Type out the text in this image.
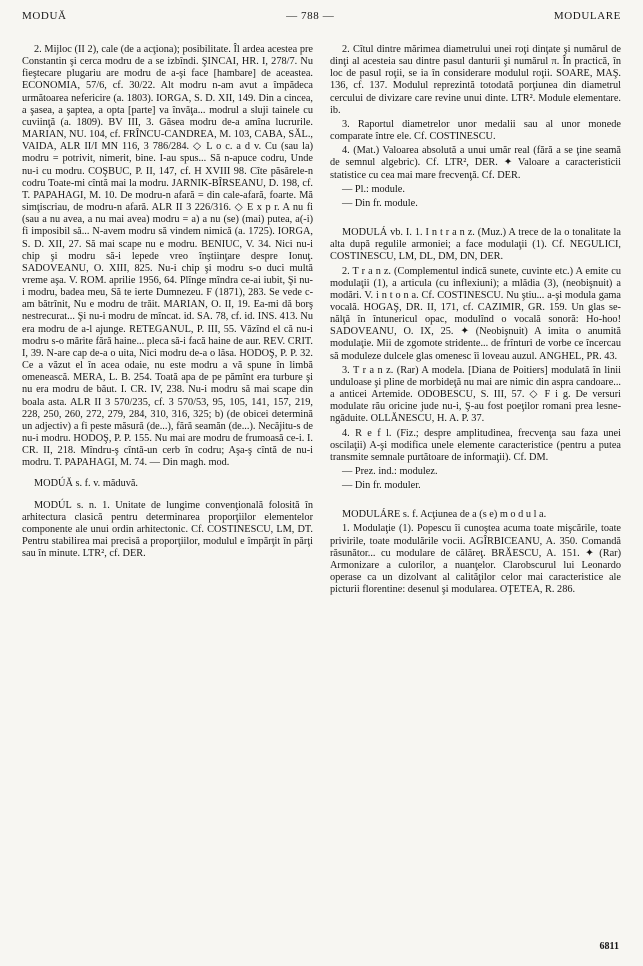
MODUĂ	— 788 —	MODULARE

2. Mijloc (II 2), cale (de a acţiona); posibilitate. Îl ardea acestea pre Constantin şi cerca modru de a se izbîndi. ŞINCAI, HR. I, 278/7. Nu fieştecare plugariu are modru de a-şi face [hambare] de aceastea. ECONOMIA, 57/6, cf. 30/22. Alt modru n-am avut a împădeca următoarea nefericire (a. 1803). IORGA, S. D. XII, 149. Din a cincea, a şasea, a şaptea, a opta [parte] va învăţa... modrul a sluji tainele cu cuviinţă (a. 1809). BV III, 3. Găsea modru de-a amîna lucrurile. MARIAN, NU. 104, cf. FRÎNCU-CANDREA, M. 103, CABA, SĂL., VAIDA, ALR II/I MN 116, 3 786/284. ◇ L o c. a d v. Cu (sau la) modru = potrivit, nimerit, bine. I-au spus... Să n-apuce codru, Unde nu-i cu modru. COŞBUC, P. II, 147, cf. H XVIII 98. Cîte păsărele-n codru Toate-mi cîntă mai la modru. JARNIK-BÎRSEANU, D. 198, cf. T. PAPAHAGI, M. 10. De modru-n afară = din cale-afară, foarte. Mă simţiscriau, de modru-n afară. ALR II 3 226/316. ◇ E x p r. A nu fi (sau a nu avea, a nu mai avea) modru = a) a nu (se) (mai) putea, a(-i) fi imposibil să... N-avem modru să vindem nimică (a. 1725). IORGA, S. D. XII, 27. Să mai scape nu e modru. BENIUC, V. 34. Nici nu-i chip şi modru să-i lepede vreo înştiinţare despre Ionuţ. SADOVEANU, O. XIII, 825. Nu-i chip şi modru s-o duci multă vreme aşa. V. ROM. aprilie 1956, 64. Plînge mîndra ce-ai iubit, Şi nu-i modru, badea meu, Să te ierte Dumnezeu. F (1871), 283. Se vede c-am bătrînit, Nu e modru de trăit. MARIAN, O. II, 19. Ea-mi dă borş nestrecurat... Şi nu-i modru de mîncat. id. SA. 78, cf. id. INS. 413. Nu era modru de a-l ajunge. RETEGANUL, P. III, 55. Văzînd el că nu-i modru s-o mărite fără haine... pleca să-i facă haine de aur. REV. CRIT. I, 39. N-are cap de-a o uita, Nici modru de-a o lăsa. HODOŞ, P. P. 32. Ce a văzut el în acea odaie, nu este modru a vă spune în limbă omenească. MERA, L. B. 254. Toată apa de pe pămînt era turbure şi nu era modru de băut. I. CR. IV, 238. Nu-i modru să mai scape din boala asta. ALR II 3 570/235, cf. 3 570/53, 95, 105, 141, 157, 219, 228, 250, 260, 272, 279, 284, 310, 316, 325; b) (de obicei determină un adjectiv) a fi peste măsură (de...), fără seamăn (de...). Necăjitu-s de nu-i modru. HODOŞ, P. P. 155. Nu mai are modru de frumoasă ce-i. I. CR. II, 218. Mîndru-ş cîntă-un cerb în codru; Aşa-ş cîntă de nu-i modru. T. PAPAHAGI, M. 74. — Din magh. mod.

MODÚĂ s. f. v. măduvă.

MODÚL s. n. 1. Unitate de lungime convenţională folosită în arhitectura clasică pentru determinarea proporţiilor elementelor componente ale unui ordin arhitectonic. Cf. COSTINESCU, LM, DT. Pentru stabilirea mai precisă a proporţiilor, modulul e împărţit în părţi sau în minute. LTR², cf. DER.

2. Cîtul dintre mărimea diametrului unei roţi dinţate şi numărul de dinţi al acesteia sau dintre pasul danturii şi numărul π. În practică, în loc de pasul roţii, se ia în considerare modulul roţii. SOARE, MAŞ. 136, cf. 137. Modulul reprezintă totodată porţiunea din diametrul cercului de divizare care revine unui dinte. LTR². Module elementare. ib.

3. Raportul diametrelor unor medalii sau al unor monede comparate între ele. Cf. COSTINESCU.

4. (Mat.) Valoarea absolută a unui umăr real (fără a se ţine seamă de semnul algebric). Cf. LTR², DER. ✦ Valoare a caracteristicii statistice cu cea mai mare frecvenţă. Cf. DER.

— Pl.: module.

— Din fr. module.

MODULÁ vb. I. 1. I n t r a n z. (Muz.) A trece de la o tonalitate la alta după regulile armoniei; a face modulaţii (1). Cf. NEGULICI, COSTINESCU, LM, DL, DM, DN, DER.

2. T r a n z. (Complementul indică sunete, cuvinte etc.) A emite cu modulaţii (1), a articula (cu inflexiuni); a mlădia (3), (neobişnuit) a modări. V. i n t o n a. Cf. COSTINESCU. Nu ştiu... a-şi modula gama vocală. HOGAŞ, DR. II, 171, cf. CAZIMIR, GR. 159. Un glas se-nălţă în întunericul opac, modulînd o vocală sonoră: Ho-hoo! SADOVEANU, O. IX, 25. ✦ (Neobişnuit) A imita o anumită modulaţie. Mii de zgomote stridente... de frînturi de vorbe ce încercau să moduleze dulcele glas omenesc îi loveau auzul. ANGHEL, PR. 43.

3. T r a n z. (Rar) A modela. [Diana de Poitiers] modulată în linii unduloase şi pline de morbideţă nu mai are nimic din aspra candoare... a anticei Artemide. ODOBESCU, S. III, 57. ◇ F i g. De versuri modulate rău oricine jude nu-i, Ş-au fost poeţilor romani prea lesne-ngăduite. OLLĂNESCU, H. A. P. 37.

4. R e f l. (Fiz.; despre amplitudinea, frecvenţa sau faza unei oscilaţii) A-şi modifica unele elemente caracteristice (pentru a putea transmite semnale purtătoare de informaţii). Cf. DM.

— Prez. ind.: modulez.

— Din fr. moduler.

MODULÁRE s. f. Acţiunea de a (s e) m o d u l a.

1. Modulaţie (1). Popescu îi cunoştea acuma toate mişcările, toate privirile, toate modulările vocii. AGÎRBICEANU, A. 350. Comandă răsunător... cu modulare de călăreţ. BRĂESCU, A. 151. ✦ (Rar) Armonizare a culorilor, a nuanţelor. Clarobscurul lui Leonardo operase ca un dizolvant al calităţilor celor mai caracteristice ale picturii florentine: desenul şi modularea. OŢETEA, R. 286.

6811
